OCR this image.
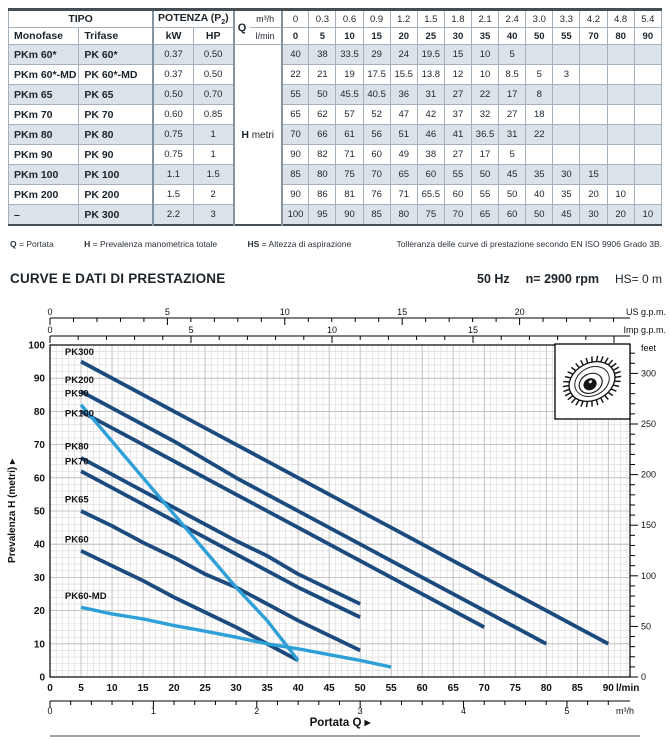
TIPO		POTENZA $(P_2)$		Q
m³/h
l/min	0	0.3	0.6	0.9	1.2	1.5	1.8	2.1	2.4	3.0	3.3	4.2	4.8	5.4
Monofase	Trifase	kW	HP		0	5	10	15	20	25	30	35	40	50	55	70	80	90
PKm 60*	PK 60*	0.37	0.50	H metri	40	38	33.5	29	24	19.5	15	10	5					
PKm 60*-MD	PK 60*-MD	0.37	0.50		22	21	19	17.5	15.5	13.8	12	10	8.5	5	3			
PKm 65	PK 65	0.50	0.70		55	50	45.5	40.5	36	31	27	22	17	8				
PKm 70	PK 70	0.60	0.85		65	62	57	52	47	42	37	32	27	18				
PKm 80	PK 80	0.75	1		70	66	61	56	51	46	41	36.5	31	22				
PKm 90	PK 90	0.75	1		90	82	71	60	49	38	27	17	5					
PKm 100	PK 100	1.1	1.5		85	80	75	70	65	60	55	50	45	35	30	15		
PKm 200	PK 200	1.5	2		90	86	81	76	71	65.5	60	55	50	40	35	20	10	
–	PK 300	2.2	3		100	95	90	85	80	75	70	65	60	50	45	30	20	10
Q = Portata	H = Prevalenza manometrica totale	HS = Altezza di aspirazione	Tolleranza delle curve di prestazione secondo EN ISO 9906 Grado 3B.
CURVE E DATI DI PRESTAZIONE	50 Hz n= 2900 rpm HS= 0 m
0	5	10	15	20	US g.p.m.
0	5	10	15	Imp g.p.m.
0
50
100
150
200
250
300
feet
0
10
20
30
40
50
60
70
80
90
100
Prevalenza H (metri) ▸
0	5 10 15 20 25 30 35 40 45 50 55 60 65 70 75 80 85 90 l/min
0	1	2	3	4	5	m³/h
Portata Q ▸
PK300
PK200
PK100
PK80
PK70
PK65
PK60
PK90
PK60-MD
